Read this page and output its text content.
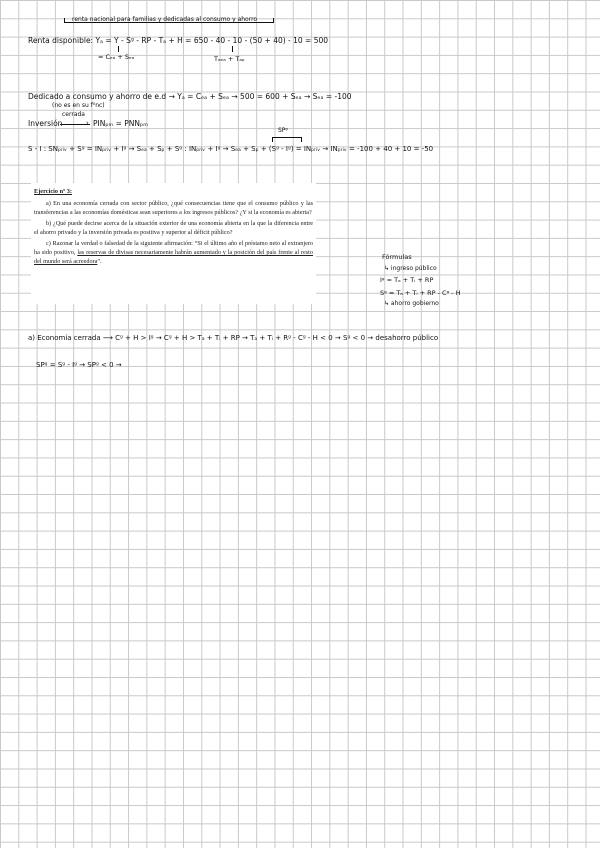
renta nacional para familias y dedicadas al consumo y ahorro
Renta disponible: Yₐ = Y - Sᵍ - RP - Tₐ + H = 650 - 40 - 10 - (50 + 40) - 10 = 500
= Cₑₐ + Sₑₐ	Tₐₑₐ + Tₐₚ
Dedicado a consumo y ahorro de e.d → Yₐ = Cₑₐ + Sₑₐ → 500 = 600 + Sₑₐ → Sₑₐ = -100
(no es en su f⁰nc)
cerrada
Inversión	› PINₚₘ = PNNₚₘ
SPᵍ
S - I : SNₚᵣᵢᵥ + Sᵍ = INₚᵣᵢᵥ + Iᵍ → Sₑₐ + Sₚ + Sᵍ : INₚᵣᵢᵥ + Iᵍ → Sₑₐ + Sₚ + (Sᵍ - Iᵍ) = INₚᵣᵢᵥ → INₚᵣᵢᵥ = -100 + 40 + 10 = -50
Ejercicio nº 3:

a) En una economía cerrada con sector público, ¿qué consecuencias tiene que el consumo público y las transferencias a las economías domésticas sean superiores a los ingresos públicos? ¿Y si la economía es abierta?

b) ¿Qué puede decirse acerca de la situación exterior de una economía abierta en la que la diferencia entre el ahorro privado y la inversión privada es positiva y superior al déficit público?

c) Razonar la verdad o falsedad de la siguiente afirmación: “Si el último año el préstamo neto al extranjero ha sido positivo, las reservas de divisas necesariamente habrán aumentado y la posición del país frente al resto del mundo será acreedora”.

Fórmulas
↳ ingreso público
Iᵍ = Tₐ + Tᵢ + RP
Sᵍ = Tₐ + Tᵢ + RP - Cᵍ - H
↳ ahorro gobierno
a) Economía cerrada ⟶ Cᵍ + H > Iᵍ → Cᵍ + H > Tₐ + Tᵢ + RP → Tₐ + Tᵢ + Rᵍ - Cᵍ - H < 0 → Sᵍ < 0 → desahorro público
SPᵍ = Sᵍ - Iᵍ → SPᵍ < 0 →
